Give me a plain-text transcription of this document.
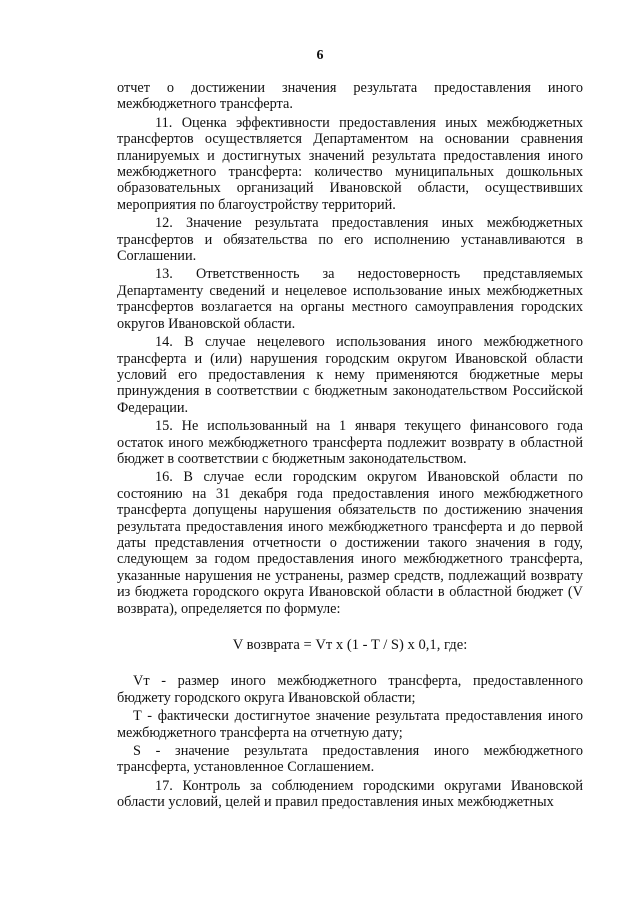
6

отчет о достижении значения результата предоставления иного межбюджетного трансферта.

11. Оценка эффективности предоставления иных межбюджетных трансфертов осуществляется Департаментом на основании сравнения планируемых и достигнутых значений результата предоставления иного межбюджетного трансферта: количество муниципальных дошкольных образовательных организаций Ивановской области, осуществивших мероприятия по благоустройству территорий.

12. Значение результата предоставления иных межбюджетных трансфертов и обязательства по его исполнению устанавливаются в Соглашении.

13. Ответственность за недостоверность представляемых Департаменту сведений и нецелевое использование иных межбюджетных трансфертов возлагается на органы местного самоуправления городских округов Ивановской области.

14. В случае нецелевого использования иного межбюджетного трансферта и (или) нарушения городским округом Ивановской области условий его предоставления к нему применяются бюджетные меры принуждения в соответствии с бюджетным законодательством Российской Федерации.

15. Не использованный на 1 января текущего финансового года остаток иного межбюджетного трансферта подлежит возврату в областной бюджет в соответствии с бюджетным законодательством.

16. В случае если городским округом Ивановской области по состоянию на 31 декабря года предоставления иного межбюджетного трансферта допущены нарушения обязательств по достижению значения результата предоставления иного межбюджетного трансферта и до первой даты представления отчетности о достижении такого значения в году, следующем за годом предоставления иного межбюджетного трансферта, указанные нарушения не устранены, размер средств, подлежащий возврату из бюджета городского округа Ивановской области в областной бюджет (V возврата), определяется по формуле:

V возврата = Vт x (1 - T / S) x 0,1, где:

Vт - размер иного межбюджетного трансферта, предоставленного бюджету городского округа Ивановской области;

T - фактически достигнутое значение результата предоставления иного межбюджетного трансферта на отчетную дату;

S - значение результата предоставления иного межбюджетного трансферта, установленное Соглашением.

17. Контроль за соблюдением городскими округами Ивановской области условий, целей и правил предоставления иных межбюджетных
